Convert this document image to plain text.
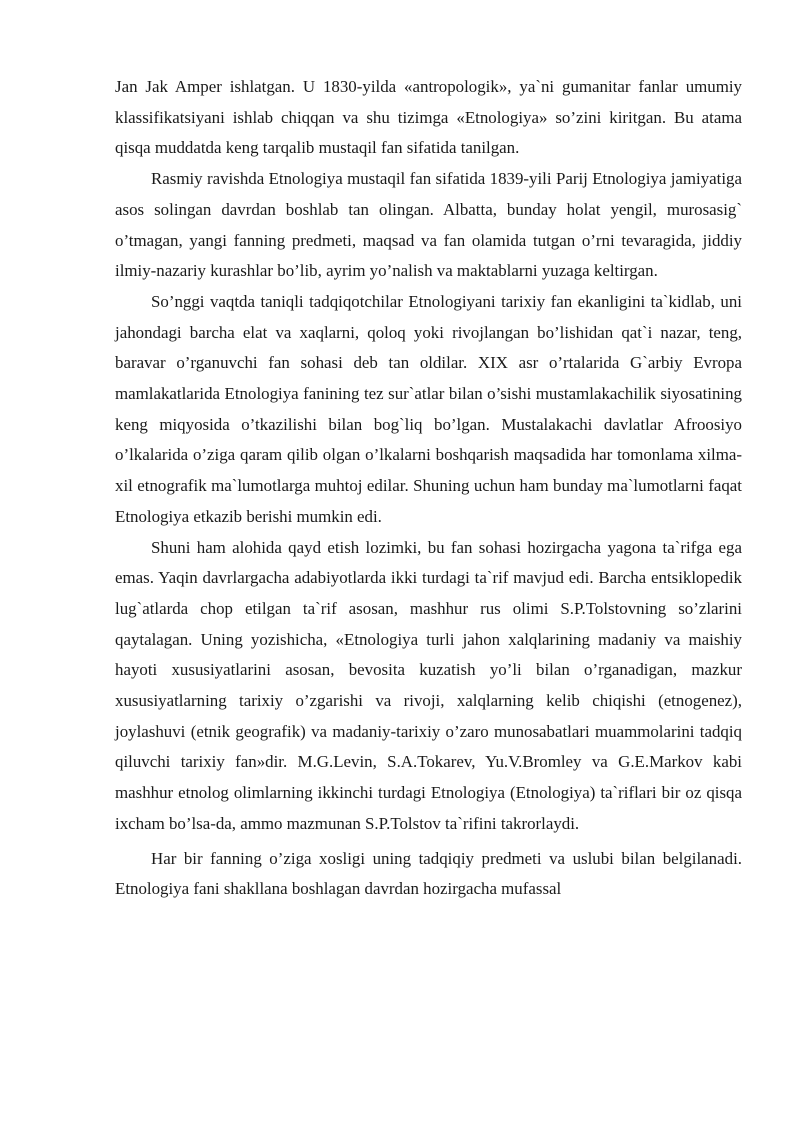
Jan Jak Amper ishlatgan. U 1830-yilda «antropologik», ya`ni gumanitar fanlar umumiy klassifikatsiyani ishlab chiqqan va shu tizimga «Etnologiya» so’zini kiritgan. Bu atama qisqa muddatda keng tarqalib mustaqil fan sifatida tanilgan.

Rasmiy ravishda Etnologiya mustaqil fan sifatida 1839-yili Parij Etnologiya jamiyatiga asos solingan davrdan boshlab tan olingan. Albatta, bunday holat yengil, murosasig` o’tmagan, yangi fanning predmeti, maqsad va fan olamida tutgan o’rni tevaragida, jiddiy ilmiy-nazariy kurashlar bo’lib, ayrim yo’nalish va maktablarni yuzaga keltirgan.

So’nggi vaqtda taniqli tadqiqotchilar Etnologiyani tarixiy fan ekanligini ta`kidlab, uni jahondagi barcha elat va xaqlarni, qoloq yoki rivojlangan bo’lishidan qat`i nazar, teng, baravar o’rganuvchi fan sohasi deb tan oldilar. XIX asr o’rtalarida G`arbiy Evropa mamlakatlarida Etnologiya fanining tez sur`atlar bilan o’sishi mustamlakachilik siyosatining keng miqyosida o’tkazilishi bilan bog`liq bo’lgan. Mustalakachi davlatlar Afroosiyo o’lkalarida o’ziga qaram qilib olgan o’lkalarni boshqarish maqsadida har tomonlama xilma-xil etnografik ma`lumotlarga muhtoj edilar. Shuning uchun ham bunday ma`lumotlarni faqat Etnologiya etkazib berishi mumkin edi.

Shuni ham alohida qayd etish lozimki, bu fan sohasi hozirgacha yagona ta`rifga ega emas. Yaqin davrlargacha adabiyotlarda ikki turdagi ta`rif mavjud edi. Barcha entsiklopedik lug`atlarda chop etilgan ta`rif asosan, mashhur rus olimi S.P.Tolstovning so’zlarini qaytalagan. Uning yozishicha, «Etnologiya turli jahon xalqlarining madaniy va maishiy hayoti xususiyatlarini asosan, bevosita kuzatish yo’li bilan o’rganadigan, mazkur xususiyatlarning tarixiy o’zgarishi va rivoji, xalqlarning kelib chiqishi (etnogenez), joylashuvi (etnik geografik) va madaniy-tarixiy o’zaro munosabatlari muammolarini tadqiq qiluvchi tarixiy fan»dir. M.G.Levin, S.A.Tokarev, Yu.V.Bromley va G.E.Markov kabi mashhur etnolog olimlarning ikkinchi turdagi Etnologiya (Etnologiya) ta`riflari bir oz qisqa ixcham bo’lsa-da, ammo mazmunan S.P.Tolstov ta`rifini takrorlaydi.

Har bir fanning o’ziga xosligi uning tadqiqiy predmeti va uslubi bilan belgilanadi. Etnologiya fani shakllana boshlagan davrdan hozirgacha mufassal
